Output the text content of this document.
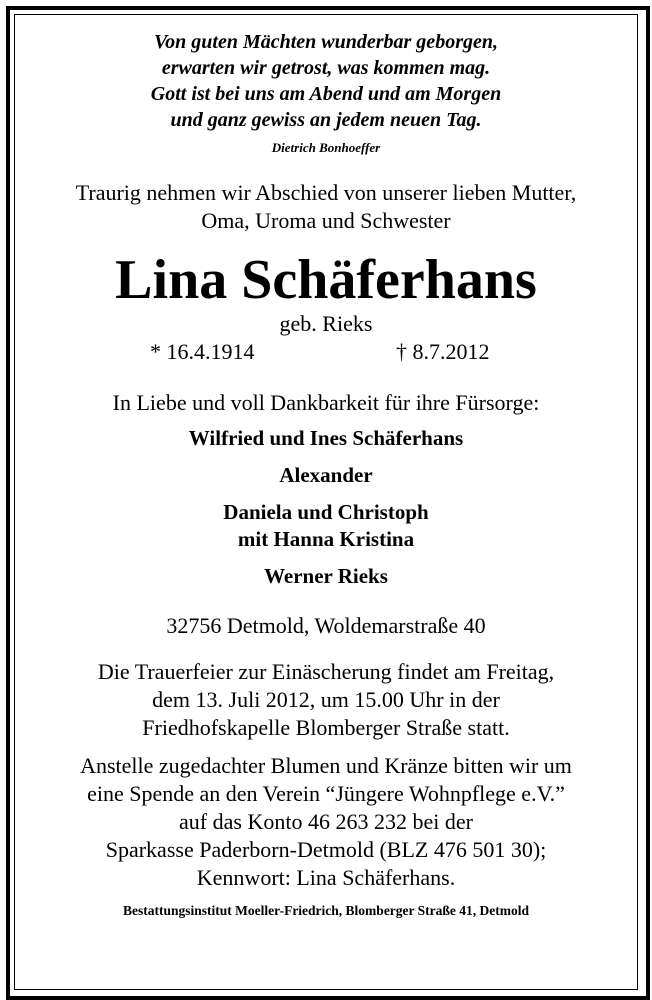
Von guten Mächten wunderbar geborgen,
erwarten wir getrost, was kommen mag.
Gott ist bei uns am Abend und am Morgen
und ganz gewiss an jedem neuen Tag.
Dietrich Bonhoeffer
Traurig nehmen wir Abschied von unserer lieben Mutter,
Oma, Uroma und Schwester
Lina Schäferhans
geb. Rieks
* 16.4.1914	† 8.7.2012
In Liebe und voll Dankbarkeit für ihre Fürsorge:
Wilfried und Ines Schäferhans
Alexander
Daniela und Christoph
mit Hanna Kristina
Werner Rieks
32756 Detmold, Woldemarstraße 40
Die Trauerfeier zur Einäscherung findet am Freitag,
dem 13. Juli 2012, um 15.00 Uhr in der
Friedhofskapelle Blomberger Straße statt.
Anstelle zugedachter Blumen und Kränze bitten wir um
eine Spende an den Verein “Jüngere Wohnpflege e.V.”
auf das Konto 46 263 232 bei der
Sparkasse Paderborn-Detmold (BLZ 476 501 30);
Kennwort: Lina Schäferhans.
Bestattungsinstitut Moeller-Friedrich, Blomberger Straße 41, Detmold
